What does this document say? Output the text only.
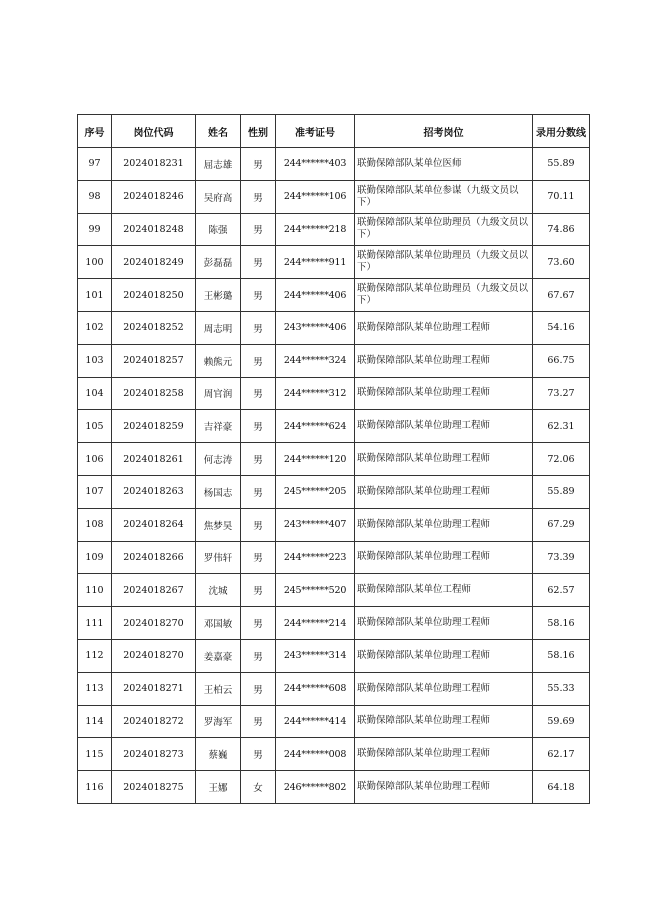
序号	岗位代码	姓名	性别	准考证号	招考岗位	录用分数线
97	2024018231	屈志雄	男	244******403	联勤保障部队某单位医师	55.89
98	2024018246	吴府高	男	244******106	联勤保障部队某单位参谋（九级文员以下）	70.11
99	2024018248	陈强	男	244******218	联勤保障部队某单位助理员（九级文员以下）	74.86
100	2024018249	彭磊磊	男	244******911	联勤保障部队某单位助理员（九级文员以下）	73.60
101	2024018250	王彬璐	男	244******406	联勤保障部队某单位助理员（九级文员以下）	67.67
102	2024018252	周志明	男	243******406	联勤保障部队某单位助理工程师	54.16
103	2024018257	赖熊元	男	244******324	联勤保障部队某单位助理工程师	66.75
104	2024018258	周官润	男	244******312	联勤保障部队某单位助理工程师	73.27
105	2024018259	吉祥豪	男	244******624	联勤保障部队某单位助理工程师	62.31
106	2024018261	何志涛	男	244******120	联勤保障部队某单位助理工程师	72.06
107	2024018263	杨国志	男	245******205	联勤保障部队某单位助理工程师	55.89
108	2024018264	焦梦昊	男	243******407	联勤保障部队某单位助理工程师	67.29
109	2024018266	罗伟轩	男	244******223	联勤保障部队某单位助理工程师	73.39
110	2024018267	沈城	男	245******520	联勤保障部队某单位工程师	62.57
111	2024018270	邓国敏	男	244******214	联勤保障部队某单位助理工程师	58.16
112	2024018270	姜嘉豪	男	243******314	联勤保障部队某单位助理工程师	58.16
113	2024018271	王柏云	男	244******608	联勤保障部队某单位助理工程师	55.33
114	2024018272	罗海军	男	244******414	联勤保障部队某单位助理工程师	59.69
115	2024018273	蔡巍	男	244******008	联勤保障部队某单位助理工程师	62.17
116	2024018275	王娜	女	246******802	联勤保障部队某单位助理工程师	64.18
